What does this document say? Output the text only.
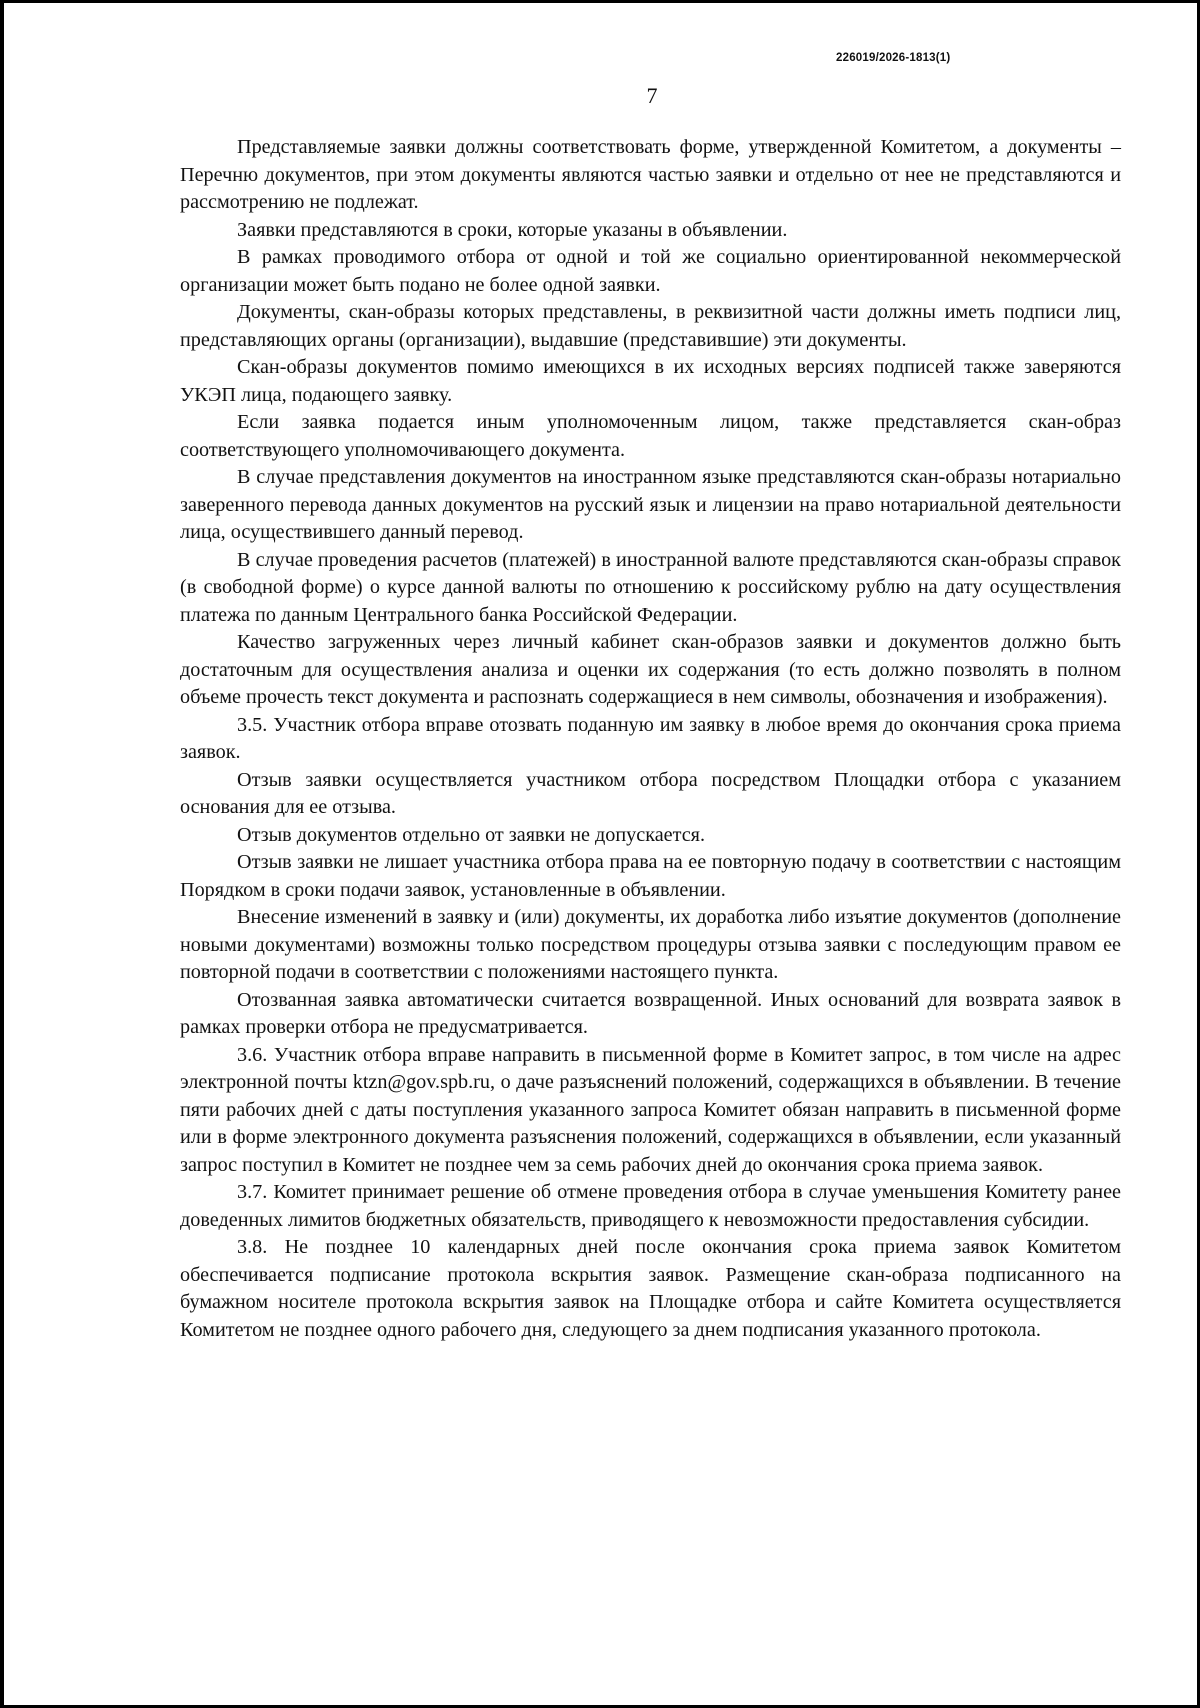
226019/2026-1813(1)
7

Представляемые заявки должны соответствовать форме, утвержденной Комитетом, а документы – Перечню документов, при этом документы являются частью заявки и отдельно от нее не представляются и рассмотрению не подлежат.

Заявки представляются в сроки, которые указаны в объявлении.

В рамках проводимого отбора от одной и той же социально ориентированной некоммерческой организации может быть подано не более одной заявки.

Документы, скан-образы которых представлены, в реквизитной части должны иметь подписи лиц, представляющих органы (организации), выдавшие (представившие) эти документы.

Скан-образы документов помимо имеющихся в их исходных версиях подписей также заверяются УКЭП лица, подающего заявку.

Если заявка подается иным уполномоченным лицом, также представляется скан-образ соответствующего уполномочивающего документа.

В случае представления документов на иностранном языке представляются скан-образы нотариально заверенного перевода данных документов на русский язык и лицензии на право нотариальной деятельности лица, осуществившего данный перевод.

В случае проведения расчетов (платежей) в иностранной валюте представляются скан-образы справок (в свободной форме) о курсе данной валюты по отношению к российскому рублю на дату осуществления платежа по данным Центрального банка Российской Федерации.

Качество загруженных через личный кабинет скан-образов заявки и документов должно быть достаточным для осуществления анализа и оценки их содержания (то есть должно позволять в полном объеме прочесть текст документа и распознать содержащиеся в нем символы, обозначения и изображения).

3.5. Участник отбора вправе отозвать поданную им заявку в любое время до окончания срока приема заявок.

Отзыв заявки осуществляется участником отбора посредством Площадки отбора с указанием основания для ее отзыва.

Отзыв документов отдельно от заявки не допускается.

Отзыв заявки не лишает участника отбора права на ее повторную подачу в соответствии с настоящим Порядком в сроки подачи заявок, установленные в объявлении.

Внесение изменений в заявку и (или) документы, их доработка либо изъятие документов (дополнение новыми документами) возможны только посредством процедуры отзыва заявки с последующим правом ее повторной подачи в соответствии с положениями настоящего пункта.

Отозванная заявка автоматически считается возвращенной. Иных оснований для возврата заявок в рамках проверки отбора не предусматривается.

3.6. Участник отбора вправе направить в письменной форме в Комитет запрос, в том числе на адрес электронной почты ktzn@gov.spb.ru, о даче разъяснений положений, содержащихся в объявлении. В течение пяти рабочих дней с даты поступления указанного запроса Комитет обязан направить в письменной форме или в форме электронного документа разъяснения положений, содержащихся в объявлении, если указанный запрос поступил в Комитет не позднее чем за семь рабочих дней до окончания срока приема заявок.

3.7. Комитет принимает решение об отмене проведения отбора в случае уменьшения Комитету ранее доведенных лимитов бюджетных обязательств, приводящего к невозможности предоставления субсидии.

3.8. Не позднее 10 календарных дней после окончания срока приема заявок Комитетом обеспечивается подписание протокола вскрытия заявок. Размещение скан-образа подписанного на бумажном носителе протокола вскрытия заявок на Площадке отбора и сайте Комитета осуществляется Комитетом не позднее одного рабочего дня, следующего за днем подписания указанного протокола.
